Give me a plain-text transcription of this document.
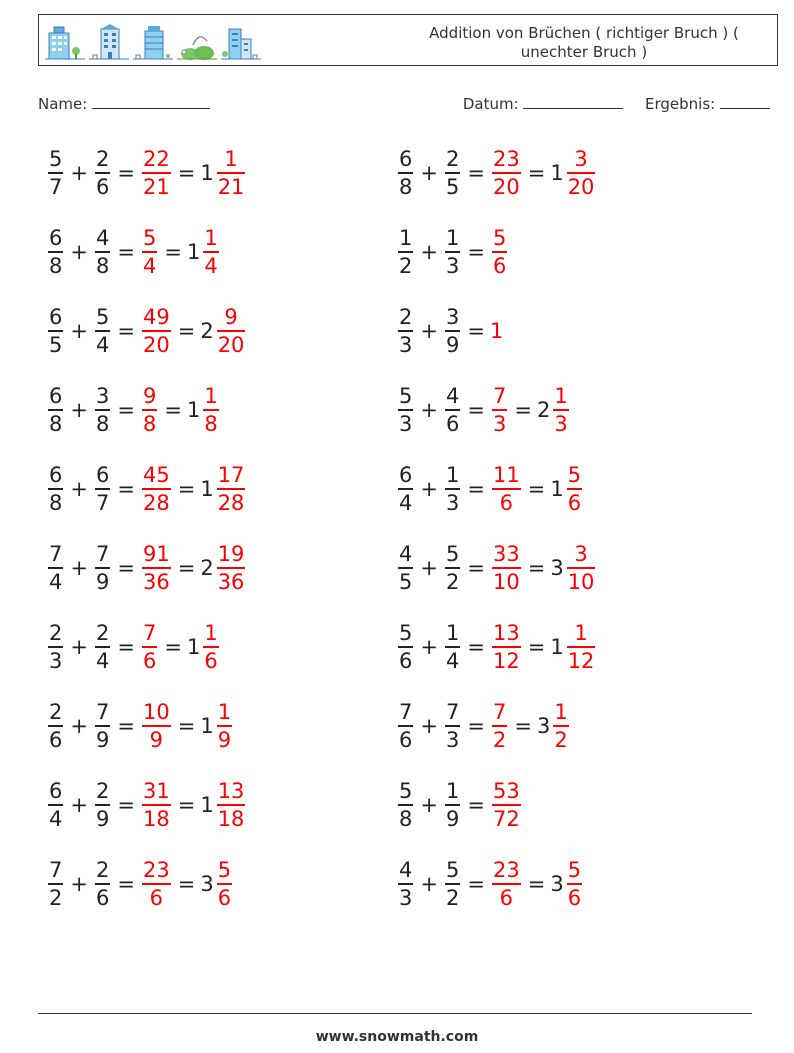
Addition von Brüchen ( richtiger Bruch ) ( unechter Bruch )
Name:	Datum:	Ergebnis:
$\frac{5}{7} + \frac{2}{6} = \frac{22}{21} = 1 \frac{1}{21}$	$\frac{6}{8} + \frac{2}{5} = \frac{23}{20} = 1 \frac{3}{20}$
$\frac{6}{8} + \frac{4}{8} = \frac{5}{4} = 1 \frac{1}{4}$	$\frac{1}{2} + \frac{1}{3} = \frac{5}{6}$
$\frac{6}{5} + \frac{5}{4} = \frac{49}{20} = 2 \frac{9}{20}$	$\frac{2}{3} + \frac{3}{9} = 1$
$\frac{6}{8} + \frac{3}{8} = \frac{9}{8} = 1 \frac{1}{8}$	$\frac{5}{3} + \frac{4}{6} = \frac{7}{3} = 2 \frac{1}{3}$
$\frac{6}{8} + \frac{6}{7} = \frac{45}{28} = 1 \frac{17}{28}$	$\frac{6}{4} + \frac{1}{3} = \frac{11}{6} = 1 \frac{5}{6}$
$\frac{7}{4} + \frac{7}{9} = \frac{91}{36} = 2 \frac{19}{36}$	$\frac{4}{5} + \frac{5}{2} = \frac{33}{10} = 3 \frac{3}{10}$
$\frac{2}{3} + \frac{2}{4} = \frac{7}{6} = 1 \frac{1}{6}$	$\frac{5}{6} + \frac{1}{4} = \frac{13}{12} = 1 \frac{1}{12}$
$\frac{2}{6} + \frac{7}{9} = \frac{10}{9} = 1 \frac{1}{9}$	$\frac{7}{6} + \frac{7}{3} = \frac{7}{2} = 3 \frac{1}{2}$
$\frac{6}{4} + \frac{2}{9} = \frac{31}{18} = 1 \frac{13}{18}$	$\frac{5}{8} + \frac{1}{9} = \frac{53}{72}$
$\frac{7}{2} + \frac{2}{6} = \frac{23}{6} = 3 \frac{5}{6}$	$\frac{4}{3} + \frac{5}{2} = \frac{23}{6} = 3 \frac{5}{6}$
www.snowmath.com
